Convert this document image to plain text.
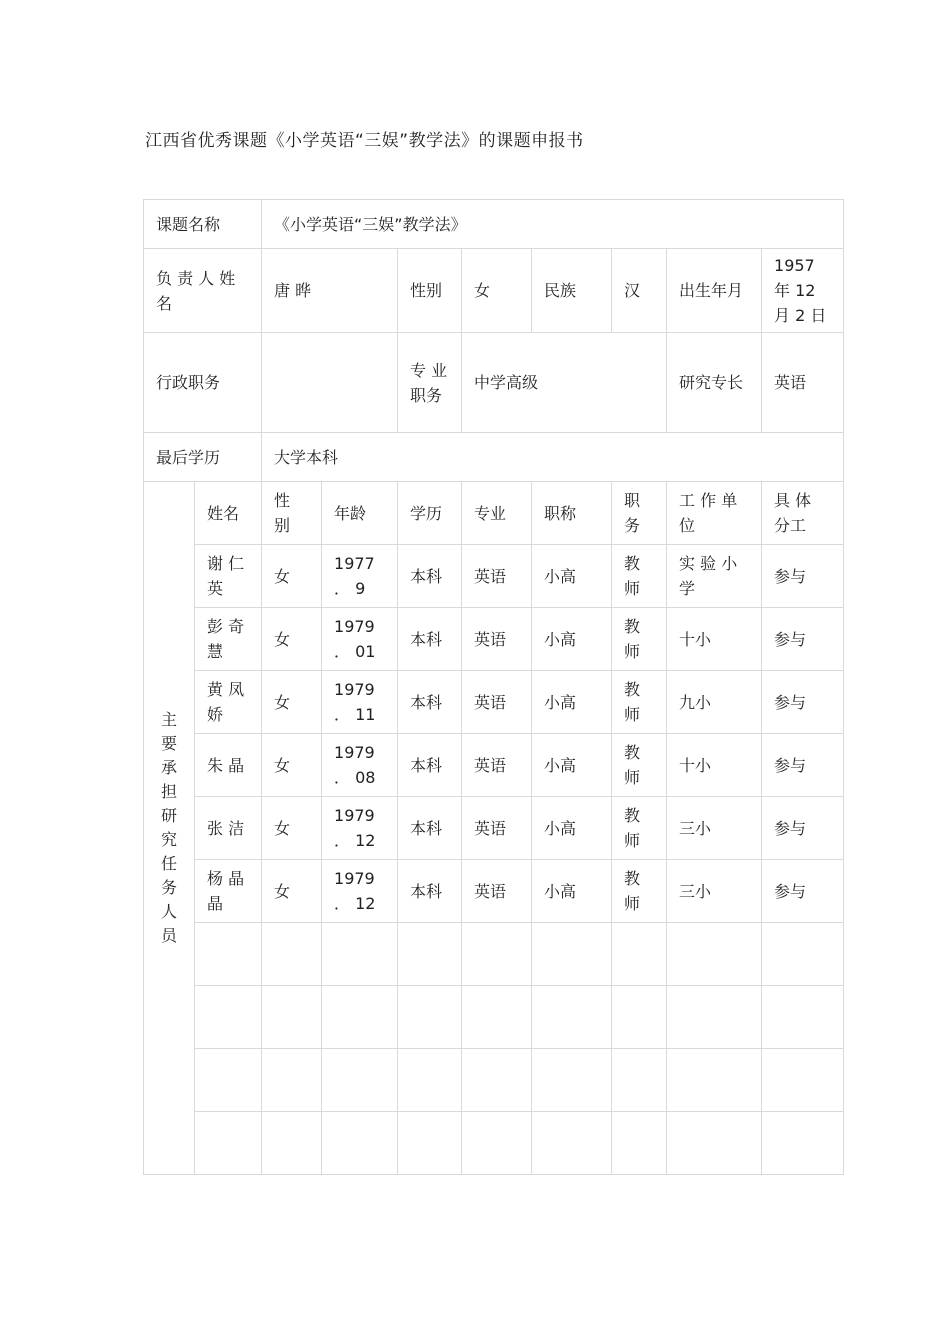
江西省优秀课题《小学英语“三娱”教学法》的课题申报书
课题名称		《小学英语“三娱”教学法》							
负 责 人 姓 名		唐 晔		性别	女	民族	汉	出生年月	1957 年 12 月 2 日
行政职务				专 业 职务	中学高级			研究专长	英语
最后学历		大学本科							
主要承担研究任务人员	姓名	性 别	年龄	学历	专业	职称	职 务	工 作 单 位	具 体 分工
	谢 仁 英	女	1977 ． 9	本科	英语	小高	教 师	实 验 小 学	参与
	彭 奇 慧	女	1979 ． 01	本科	英语	小高	教 师	十小	参与
	黄 凤 娇	女	1979 ． 11	本科	英语	小高	教 师	九小	参与
	朱 晶	女	1979 ． 08	本科	英语	小高	教 师	十小	参与
	张 洁	女	1979 ． 12	本科	英语	小高	教 师	三小	参与
	杨 晶 晶	女	1979 ． 12	本科	英语	小高	教 师	三小	参与
